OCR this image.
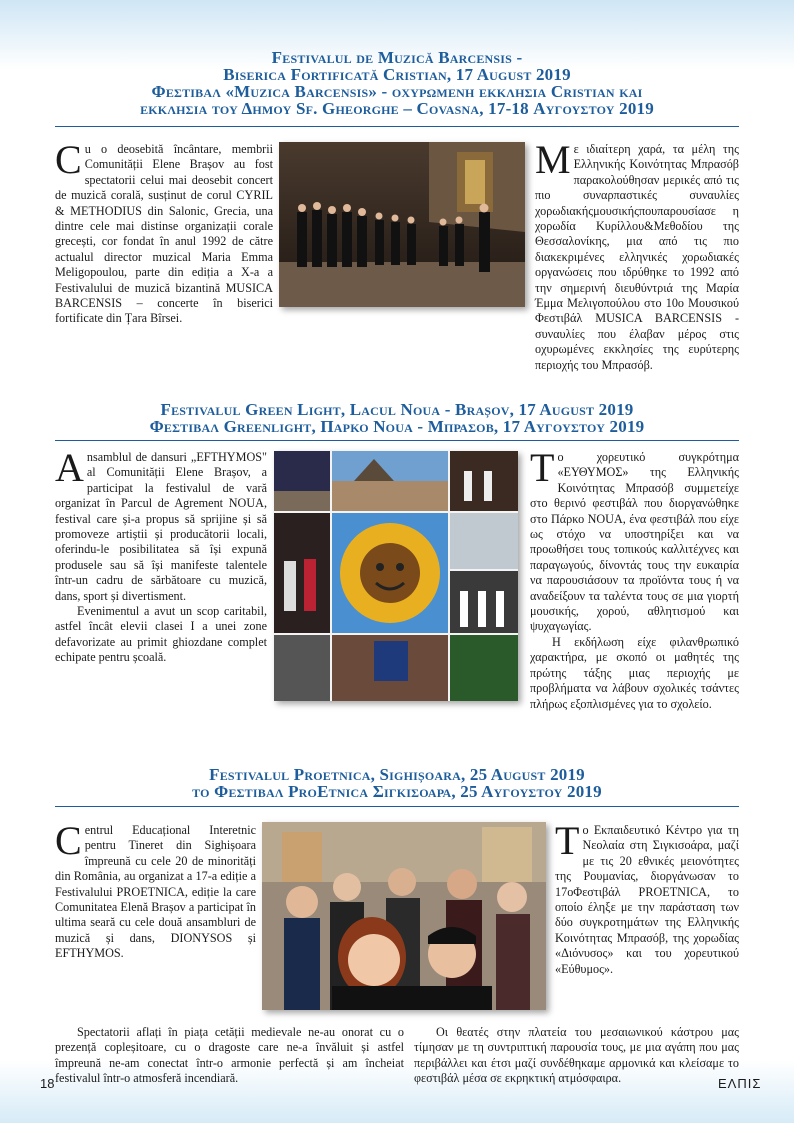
Festivalul de Muzică Barcensis -
Biserica Fortificată Cristian, 17 August 2019
Φεστιβαλ «Muzica Barcensis» - οχυρωμενη εκκλησια Cristian και
εκκλησια του Δημου Sf. Gheorghe – Covasna, 17-18 Αυγουστου 2019
C u o deosebită încântare, membrii Comunității Elene Brașov au fost spectatorii celui mai deosebit concert de muzică corală, susținut de corul CYRIL & METHODIUS din Salonic, Grecia, una dintre cele mai distinse organizații corale grecești, cor fondat în anul 1992 de către actualul director muzical Maria Emma Meligopoulou, parte din ediția a X-a a Festivalului de muzică bizantină MUSICA BARCENSIS – concerte în biserici fortificate din Țara Bîrsei.

Μ ε ιδιαίτερη χαρά, τα μέλη της Ελληνικής Κοινότητας Μπρασόβ παρακολούθησαν μερικές από τις πιο συναρπαστικές συναυλίες χορωδιακήςμουσικήςπουπαρουσίασε η χορωδία Κυρίλλου&Μεθοδίου της Θεσσαλονίκης, μια από τις πιο διακεκριμένες ελληνικές χορωδιακές οργανώσεις που ιδρύθηκε το 1992 από την σημερινή διευθύντριά της Μαρία Έμμα Μελιγοπούλου στο 10ο Μουσικού Φεστιβάλ MUSICA BARCENSIS - συναυλίες που έλαβαν μέρος στις οχυρωμένες εκκλησίες της ευρύτερης περιοχής του Μπρασόβ.

Festivalul Green Light, Lacul Noua - Brașov, 17 August 2019
Φεστιβαλ Greenlight, Παρκο Noua - Μπρασοβ, 17 Αυγουστου 2019
A nsamblul de dansuri „EFTHYMOS" al Comunității Elene Brașov, a participat la festivalul de vară organizat în Parcul de Agrement NOUA, festival care și-a propus să sprijine și să promoveze artiștii și producătorii locali, oferindu-le posibilitatea să își expună produsele sau să își manifeste talentele într-un cadru de sărbătoare cu muzică, dans, sport și divertisment.

Evenimentul a avut un scop caritabil, astfel încât elevii clasei I a unei zone defavorizate au primit ghiozdane complet echipate pentru școală.

Τ ο χορευτικό συγκρότημα «ΕΥΘΥΜΟΣ» της Ελληνικής Κοινότητας Μπρασόβ συμμετείχε στο θερινό φεστιβάλ που διοργανώθηκε στο Πάρκο NOUA, ένα φεστιβάλ που είχε ως στόχο να υποστηρίξει και να προωθήσει τους τοπικούς καλλιτέχνες και παραγωγούς, δίνοντάς τους την ευκαιρία να παρουσιάσουν τα προϊόντα τους ή να αναδείξουν τα ταλέντα τους σε μια γιορτή μουσικής, χορού, αθλητισμού και ψυχαγωγίας.

Η εκδήλωση είχε φιλανθρωπικό χαρακτήρα, με σκοπό οι μαθητές της πρώτης τάξης μιας περιοχής με προβλήματα να λάβουν σχολικές τσάντες πλήρως εξοπλισμένες για το σχολείο.

Festivalul Proetnica, Sighișoara, 25 August 2019
το Φεστιβαλ ProEtnica Σιγκισοαρα, 25 Αυγουστου 2019
C entrul Educațional Interetnic pentru Tineret din Sighișoara împreună cu cele 20 de minorități din România, au organizat a 17-a ediție a Festivalului PROETNICA, ediție la care Comunitatea Elenă Brașov a participat în ultima seară cu cele două ansambluri de muzică și dans, DIONYSOS și EFTHYMOS.

Spectatorii aflați în piața cetății medievale ne-au onorat cu o prezență copleșitoare, cu o dragoste care ne-a învăluit și astfel împreună ne-am conectat într-o armonie perfectă și am încheiat festivalul într-o atmosferă incendiară.

Τ ο Εκπαιδευτικό Κέντρο για τη Νεολαία στη Σιγκισοάρα, μαζί με τις 20 εθνικές μειονότητες της Ρουμανίας, διοργάνωσαν το 17οΦεστιβάλ PROETNICA, το οποίο έληξε με την παράσταση των δύο συγκροτημάτων της Ελληνικής Κοινότητας Μπρασόβ, της χορωδίας «Διόνυσος» και του χορευτικού «Εύθυμος».

Οι θεατές στην πλατεία του μεσαιωνικού κάστρου μας τίμησαν με τη συντριπτική παρουσία τους, με μια αγάπη που μας περιβάλλει και έτσι μαζί συνδέθηκαμε αρμονικά και κλείσαμε το φεστιβάλ μέσα σε εκρηκτική ατμόσφαιρα.

18	ΕΛΠΙΣ
